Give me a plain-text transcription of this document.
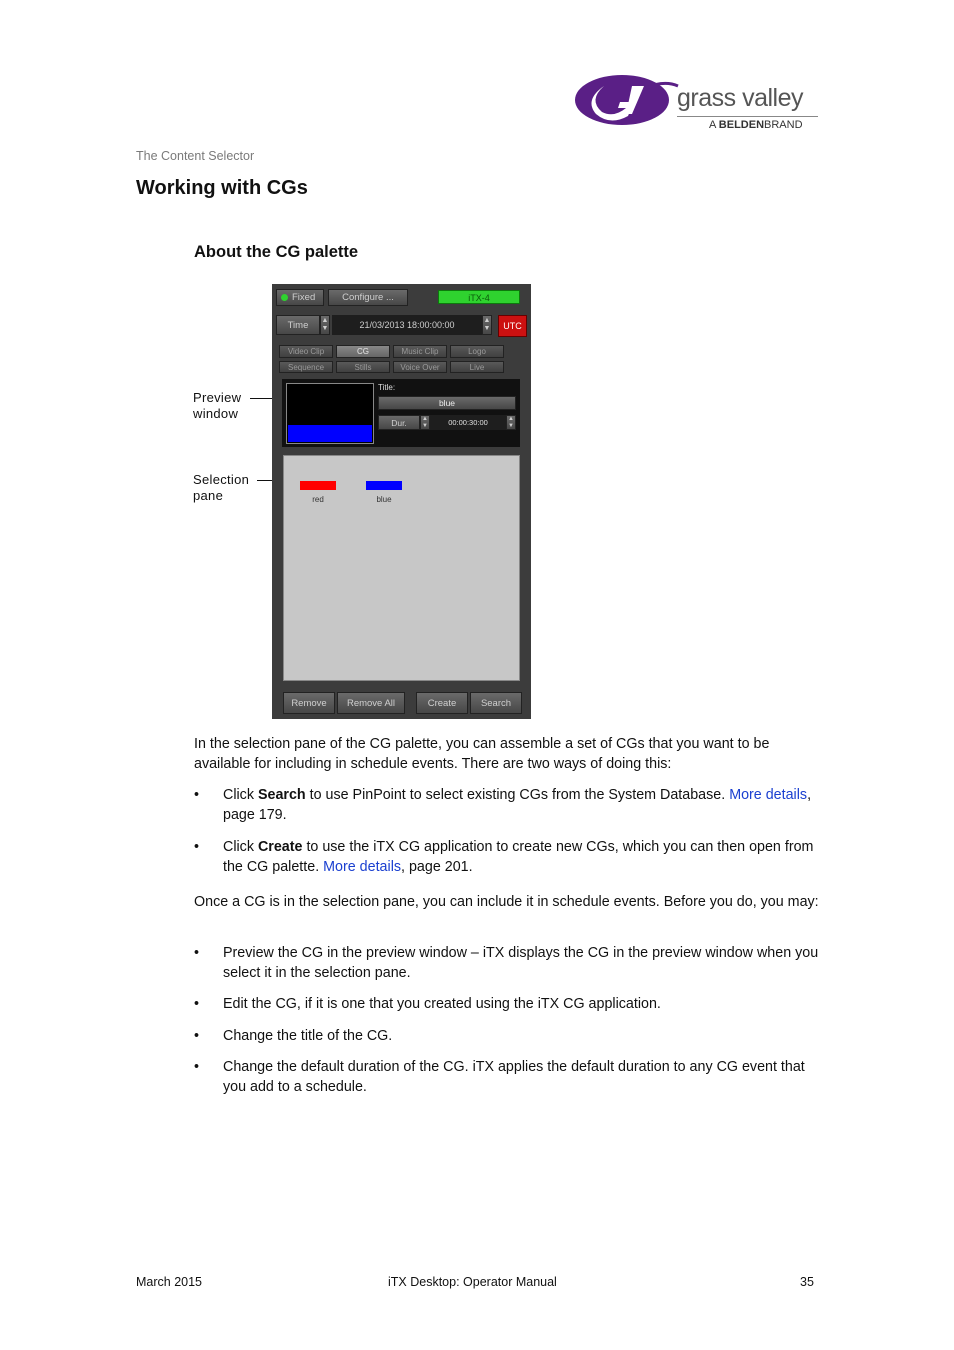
grass valley
A BELDENBRAND
The Content Selector
Working with CGs
About the CG palette
Preview
window
Selection
pane
Fixed	Configure ...	iTX-4
Time	▲
▼	21/03/2013 18:00:00:00	▲
▼	UTC
Video Clip	CG	Music Clip	Logo
Sequence	Stills	Voice Over	Live
Title:
blue
Dur.	▲
▼	00:00:30:00	▲
▼
red	blue
Remove	Remove All	Create	Search

In the selection pane of the CG palette, you can assemble a set of CGs that you want to be available for including in schedule events. There are two ways of doing this:

• Click Search to use PinPoint to select existing CGs from the System Database. More details, page 179.
• Click Create to use the iTX CG application to create new CGs, which you can then open from the CG palette. More details, page 201.

Once a CG is in the selection pane, you can include it in schedule events. Before you do, you may:

• Preview the CG in the preview window – iTX displays the CG in the preview window when you select it in the selection pane.
• Edit the CG, if it is one that you created using the iTX CG application.
• Change the title of the CG.
• Change the default duration of the CG. iTX applies the default duration to any CG event that you add to a schedule.
March 2015	iTX Desktop: Operator Manual	35
